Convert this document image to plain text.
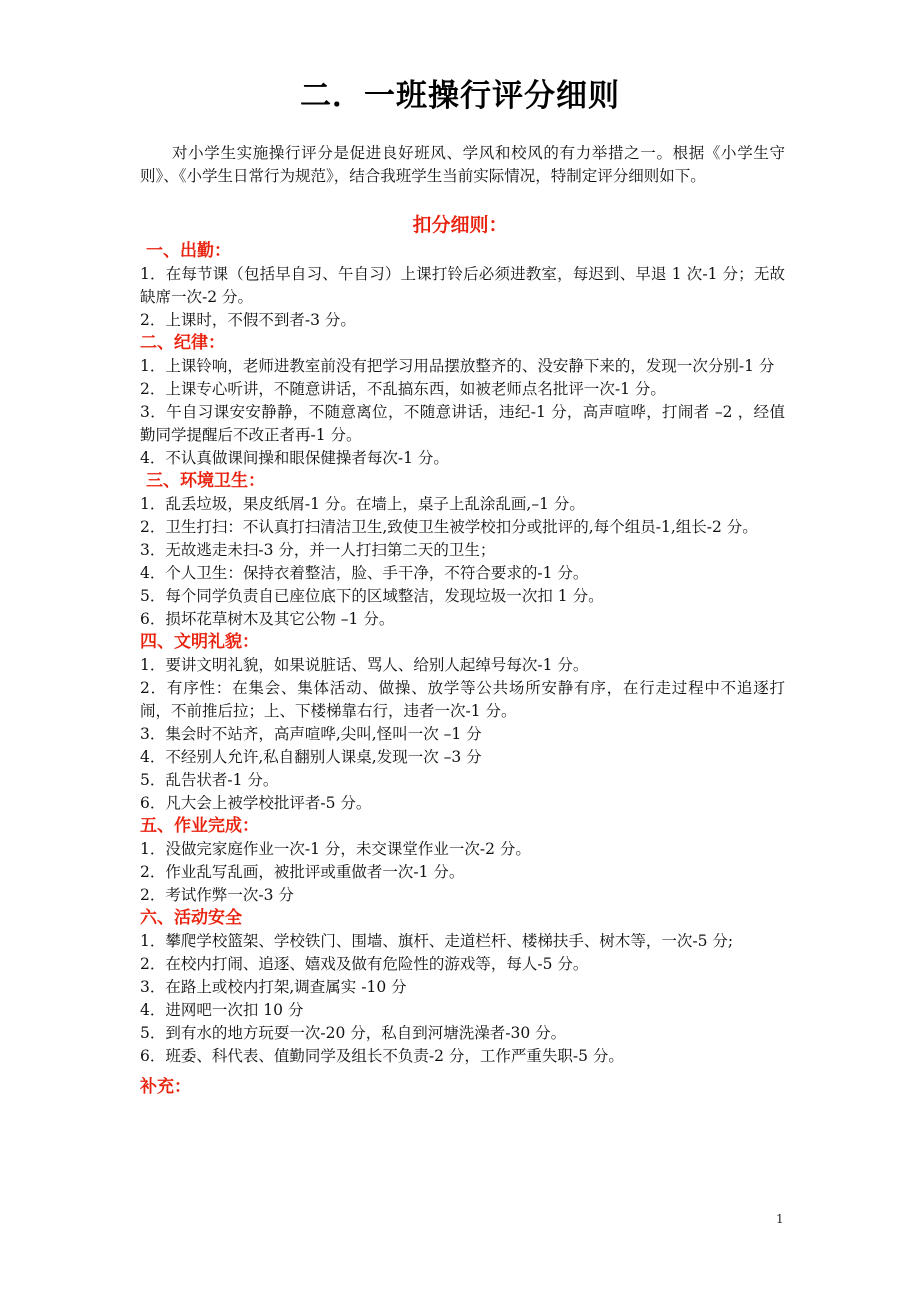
二．一班操行评分细则
对小学生实施操行评分是促进良好班风、学风和校风的有力举措之一。根据《小学生守则》、《小学生日常行为规范》，结合我班学生当前实际情况，特制定评分细则如下。
扣分细则：
一、出勤：
1．在每节课（包括早自习、午自习）上课打铃后必须进教室，每迟到、早退 1 次-1 分；无故缺席一次-2 分。
2．上课时，不假不到者-3 分。
二、纪律：
1．上课铃响，老师进教室前没有把学习用品摆放整齐的、没安静下来的，发现一次分别-1 分
2．上课专心听讲，不随意讲话，不乱搞东西，如被老师点名批评一次-1 分。
3．午自习课安安静静，不随意离位，不随意讲话，违纪-1 分，高声喧哗，打闹者 –2 ，经值勤同学提醒后不改正者再-1 分。
4．不认真做课间操和眼保健操者每次-1 分。
三、环境卫生：
1．乱丢垃圾，果皮纸屑-1 分。在墙上，桌子上乱涂乱画,–1 分。
2．卫生打扫：不认真打扫清洁卫生,致使卫生被学校扣分或批评的,每个组员-1,组长-2 分。
3．无故逃走未扫-3 分，并一人打扫第二天的卫生；
4．个人卫生：保持衣着整洁，脸、手干净，不符合要求的-1 分。
5．每个同学负责自已座位底下的区域整洁，发现垃圾一次扣 1 分。
6．损坏花草树木及其它公物 –1 分。
四、文明礼貌：
1．要讲文明礼貌，如果说脏话、骂人、给别人起绰号每次-1 分。
2．有序性：在集会、集体活动、做操、放学等公共场所安静有序，在行走过程中不追逐打闹，不前推后拉；上、下楼梯靠右行，违者一次-1 分。
3．集会时不站齐，高声喧哗,尖叫,怪叫一次 –1 分
4．不经别人允许,私自翻别人课桌,发现一次 –3 分
5．乱告状者-1 分。
6．凡大会上被学校批评者-5 分。
五、作业完成：
1．没做完家庭作业一次-1 分，未交课堂作业一次-2 分。
2．作业乱写乱画，被批评或重做者一次-1 分。
2．考试作弊一次-3 分
六、活动安全
1．攀爬学校篮架、学校铁门、围墙、旗杆、走道栏杆、楼梯扶手、树木等，一次-5 分;
2．在校内打闹、追逐、嬉戏及做有危险性的游戏等，每人-5 分。
3．在路上或校内打架,调查属实 -10 分
4．进网吧一次扣 10 分
5．到有水的地方玩耍一次-20 分，私自到河塘洗澡者-30 分。
6．班委、科代表、值勤同学及组长不负责-2 分，工作严重失职-5 分。
补充：
1
